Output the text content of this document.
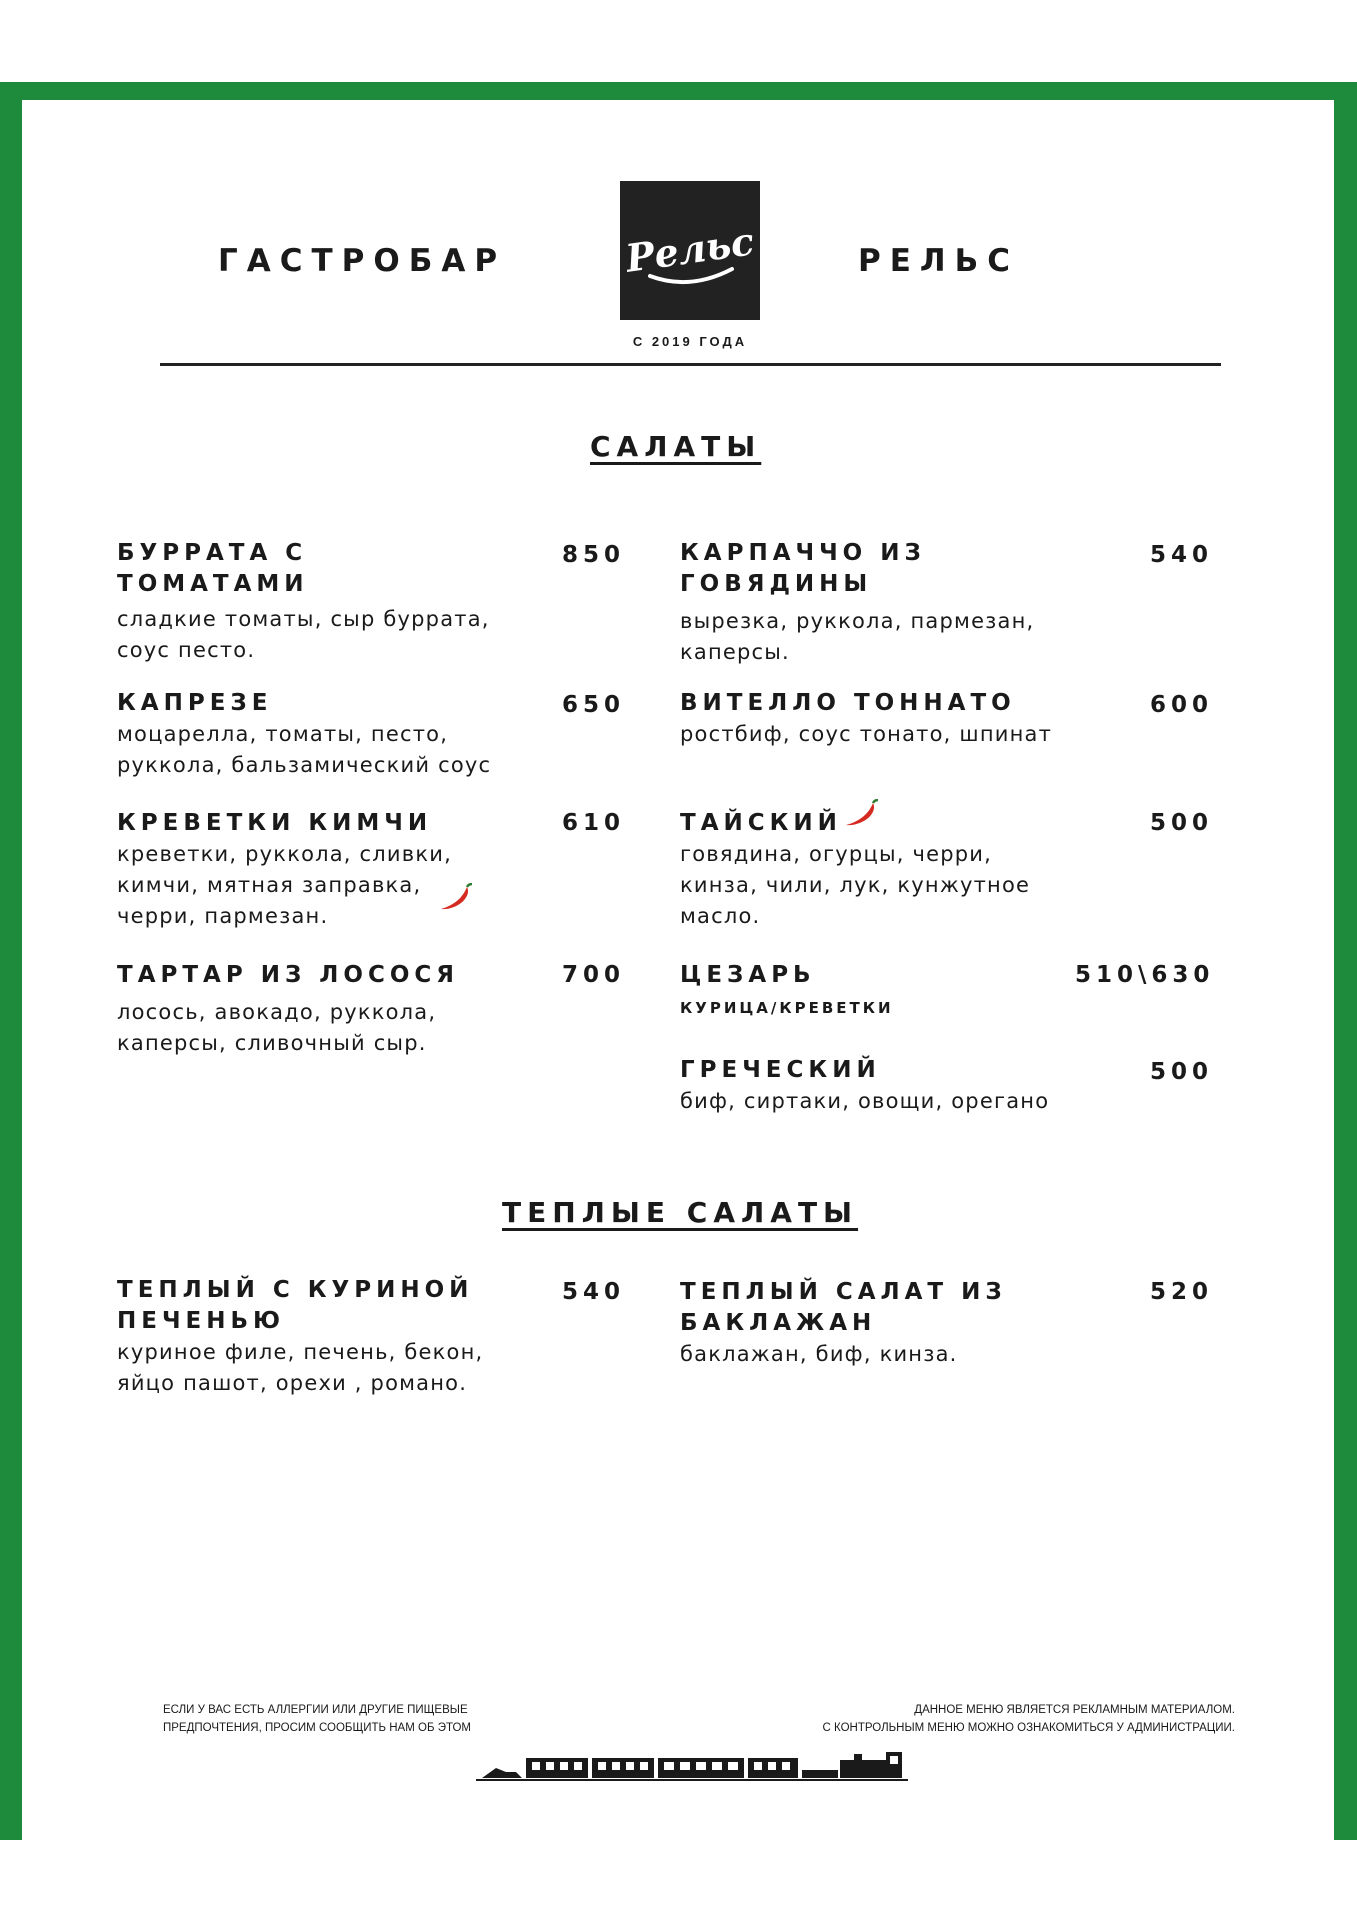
ГАСТРОБАР	Рельс	РЕЛЬС
С 2019 ГОДА
САЛАТЫ
БУРРАТА С ТОМАТАМИ
сладкие томаты, сыр буррата, соус песто.
850
КАПРЕЗЕ
моцарелла, томаты, песто, руккола, бальзамический соус
650
КРЕВЕТКИ КИМЧИ
креветки, руккола, сливки, кимчи, мятная заправка, черри, пармезан.
610
ТАРТАР ИЗ ЛОСОСЯ
лосось, авокадо, руккола, каперсы, сливочный сыр.
700
КАРПАЧЧО ИЗ ГОВЯДИНЫ
вырезка, руккола, пармезан, каперсы.
540
ВИТЕЛЛО ТОННАТО
ростбиф, соус тонато, шпинат
600
ТАЙСКИЙ
говядина, огурцы, черри, кинза, чили, лук, кунжутное масло.
500
ЦЕЗАРЬ
КУРИЦА/КРЕВЕТКИ
510\630
ГРЕЧЕСКИЙ
биф, сиртаки, овощи, орегано
500
ТЕПЛЫЕ САЛАТЫ
ТЕПЛЫЙ С КУРИНОЙ ПЕЧЕНЬЮ
куриное филе, печень, бекон, яйцо пашот, орехи , романо.
540 ТЕПЛЫЙ САЛАТ ИЗ БАКЛАЖАН
баклажан, биф, кинза.
520
ЕСЛИ У ВАС ЕСТЬ АЛЛЕРГИИ ИЛИ ДРУГИЕ ПИЩЕВЫЕ
ПРЕДПОЧТЕНИЯ, ПРОСИМ СООБЩИТЬ НАМ ОБ ЭТОМ
ДАННОЕ МЕНЮ ЯВЛЯЕТСЯ РЕКЛАМНЫМ МАТЕРИАЛОМ.
С КОНТРОЛЬНЫМ МЕНЮ МОЖНО ОЗНАКОМИТЬСЯ У АДМИНИСТРАЦИИ.
